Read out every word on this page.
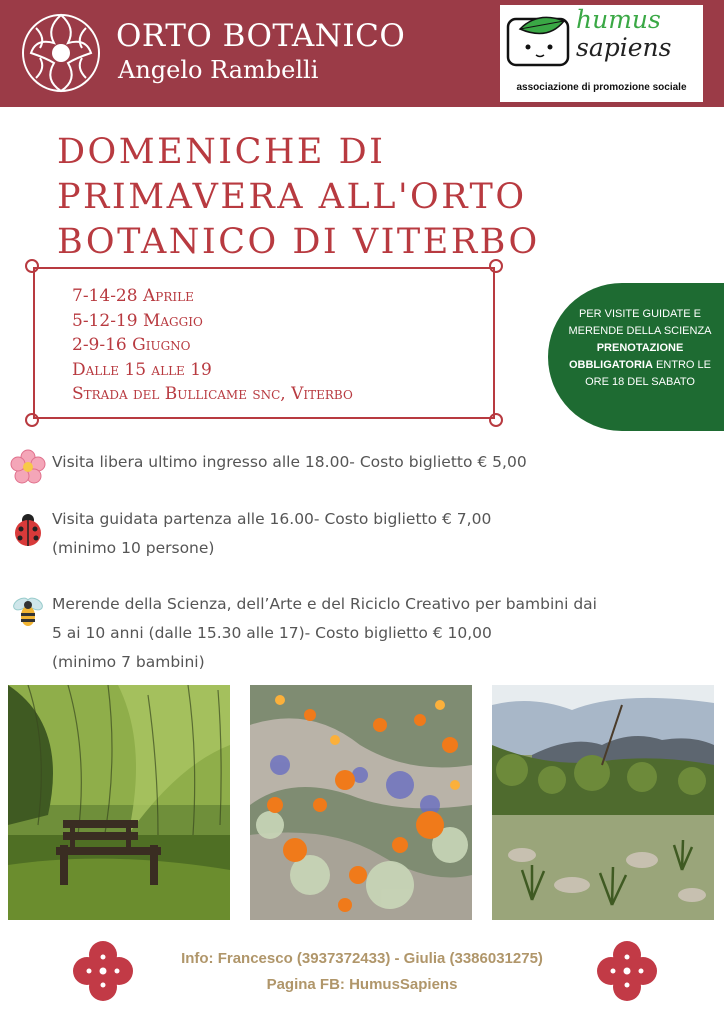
ORTO BOTANICO
Angelo Rambelli
humus
sapiens
associazione di promozione sociale
DOMENICHE DI
PRIMAVERA ALL'ORTO
BOTANICO DI VITERBO
7-14-28 Aprile
5-12-19 Maggio
2-9-16 Giugno
Dalle 15 alle 19
Strada del Bullicame snc, Viterbo
PER VISITE GUIDATE E MERENDE DELLA SCIENZA
PRENOTAZIONE OBBLIGATORIA ENTRO LE ORE 18 DEL SABATO
Visita libera ultimo ingresso alle 18.00- Costo biglietto € 5,00
Visita guidata partenza alle 16.00- Costo biglietto € 7,00
(minimo 10 persone)
Merende della Scienza, dell’Arte e del Riciclo Creativo per bambini dai
5 ai 10 anni (dalle 15.30 alle 17)- Costo biglietto € 10,00
(minimo 7 bambini)
Info: Francesco (3937372433) - Giulia (3386031275)
Pagina FB: HumusSapiens
